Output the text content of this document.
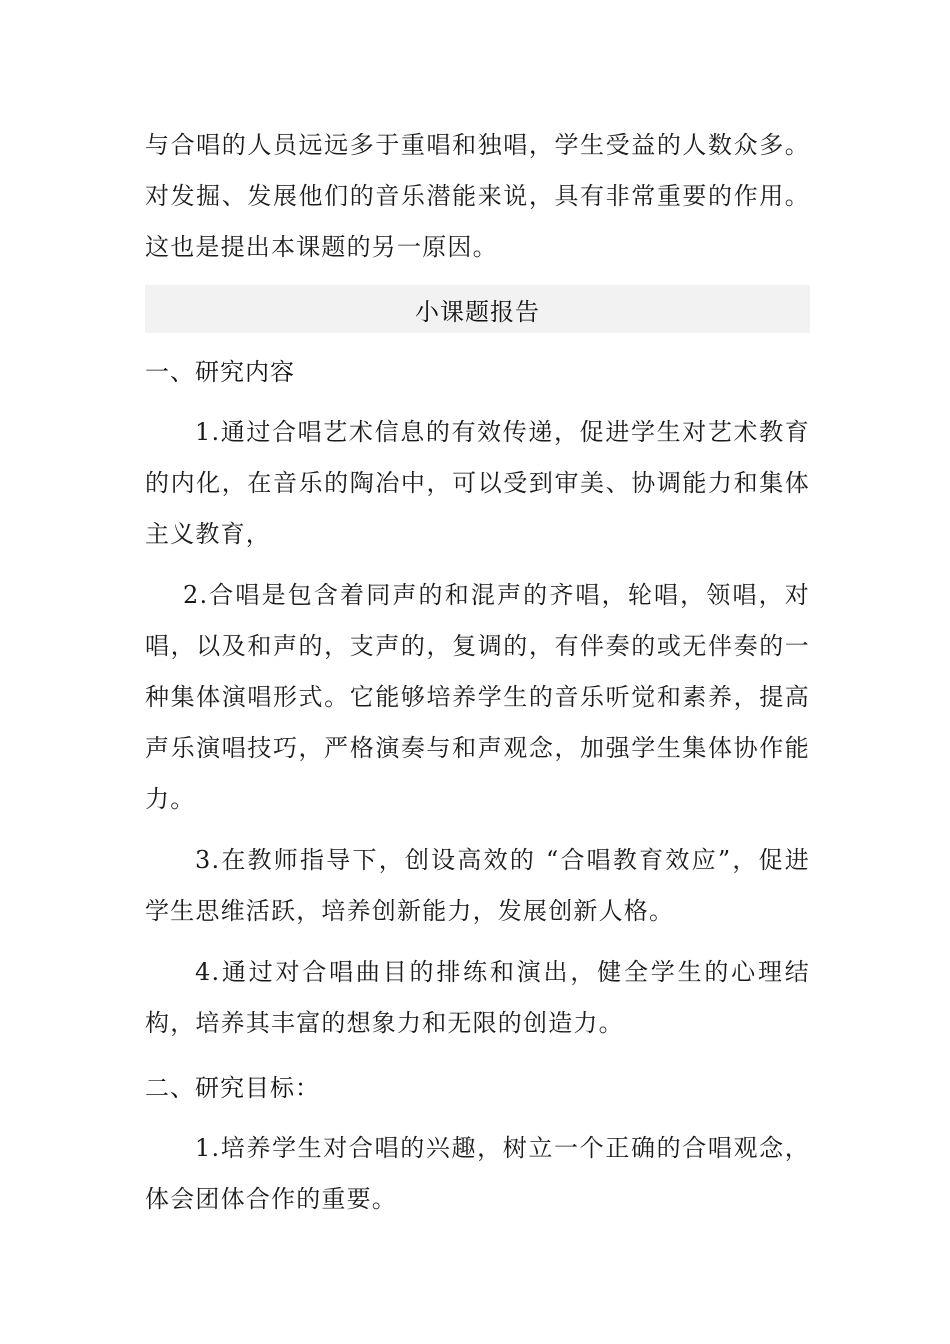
与合唱的人员远远多于重唱和独唱，学生受益的人数众多。对发掘、发展他们的音乐潜能来说，具有非常重要的作用。这也是提出本课题的另一原因。

小课题报告
一、研究内容

1.通过合唱艺术信息的有效传递，促进学生对艺术教育的内化，在音乐的陶冶中，可以受到审美、协调能力和集体主义教育，

2.合唱是包含着同声的和混声的齐唱，轮唱，领唱，对唱，以及和声的，支声的，复调的，有伴奏的或无伴奏的一种集体演唱形式。它能够培养学生的音乐听觉和素养，提高声乐演唱技巧，严格演奏与和声观念，加强学生集体协作能力。

3.在教师指导下，创设高效的 “合唱教育效应”，促进学生思维活跃，培养创新能力，发展创新人格。

4.通过对合唱曲目的排练和演出，健全学生的心理结构，培养其丰富的想象力和无限的创造力。

二、研究目标：

1.培养学生对合唱的兴趣，树立一个正确的合唱观念，体会团体合作的重要。
